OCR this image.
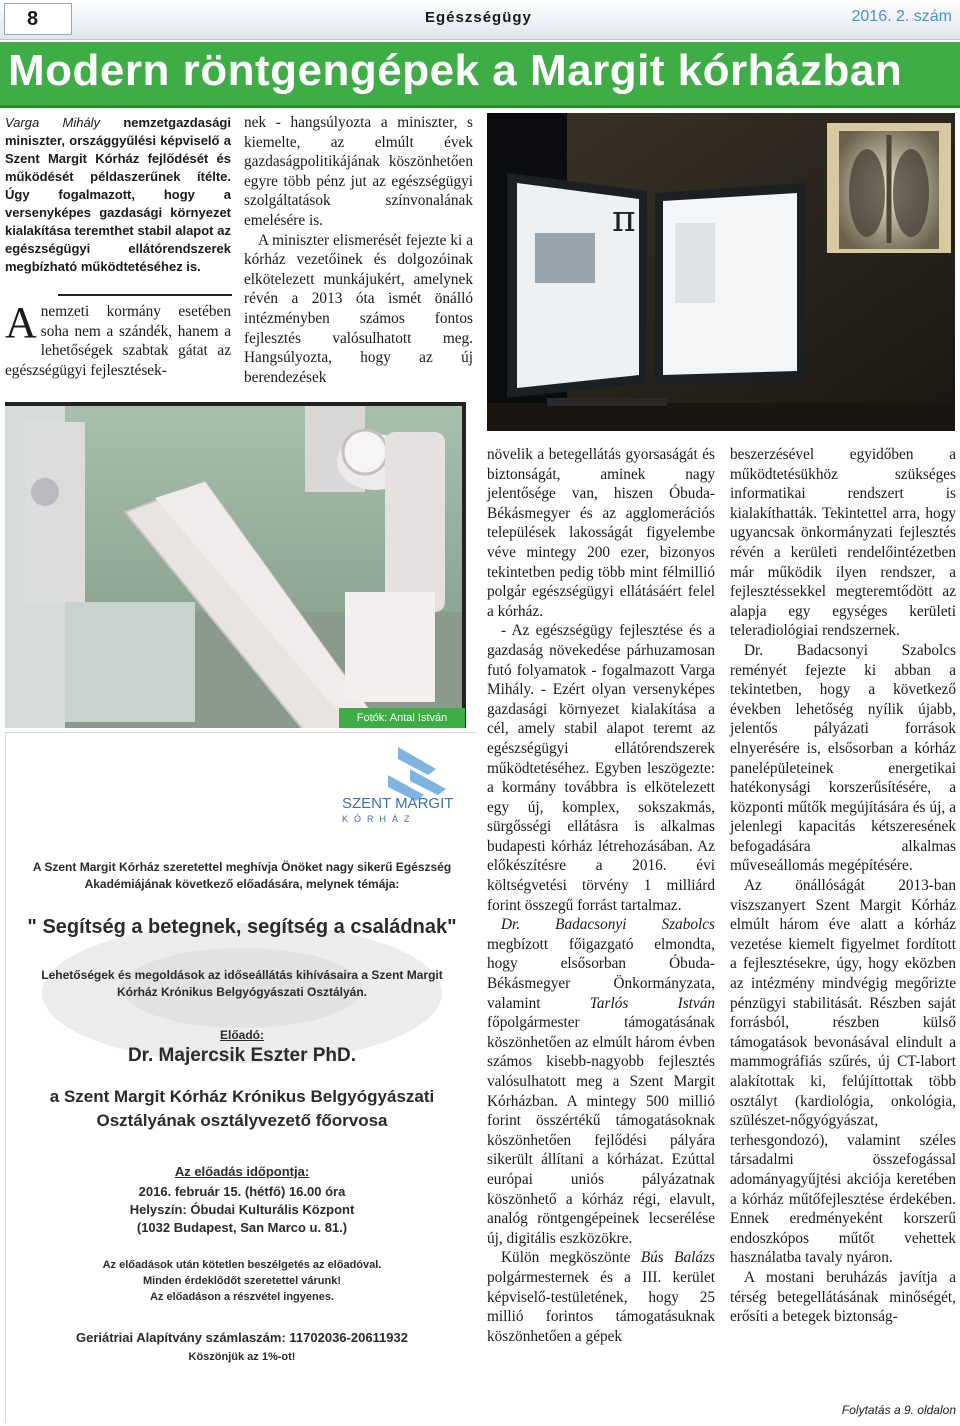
8	Egészségügy	2016. 2. szám
Modern röntgengépek a Margit kórházban
Varga Mihály nemzetgazdasági miniszter, országgyűlési képviselő a Szent Margit Kórház fejlődését és működését példaszerűnek ítélte. Úgy fogalmazott, hogy a versenyképes gazdasági környezet kialakítása teremthet stabil alapot az egészségügyi ellátórendszerek megbízható működtetéséhez is.

Anemzeti kormány esetében soha nem a szándék, hanem a lehetőségek szabtak gátat az egészségügyi fejlesztések-

nek - hangsúlyozta a miniszter, s kiemelte, az elmúlt évek gazdaságpolitikájának köszönhetően egyre több pénz jut az egészségügyi szolgáltatások színvonalának emelésére is.

A miniszter elismerését fejezte ki a kórház vezetőinek és dolgozóinak elkötelezett munkájukért, amelynek révén a 2013 óta ismét önálló intézményben számos fontos fejlesztés valósulhatott meg. Hangsúlyozta, hogy az új berendezések

π
Fotók: Antal István
SZENT MARGIT
KÓRHÁZ
A Szent Margit Kórház szeretettel meghívja Önöket nagy sikerű Egészség Akadémiájának következő előadására, melynek témája:
" Segítség a betegnek, segítség a családnak"
Lehetőségek és megoldások az időseállátás kihívásaira a Szent Margit Kórház Krónikus Belgyógyászati Osztályán.
Előadó:
Dr. Majercsik Eszter PhD.
a Szent Margit Kórház Krónikus Belgyógyászati Osztályának osztályvezető főorvosa
Az előadás időpontja:
2016. február 15. (hétfő) 16.00 óra
Helyszín: Óbudai Kulturális Központ
(1032 Budapest, San Marco u. 81.)
Az előadások után kötetlen beszélgetés az előadóval.
Minden érdeklődőt szeretettel várunk!
Az előadáson a részvétel ingyenes.
Geriátriai Alapítvány számlaszám: 11702036-20611932
Köszönjük az 1%-ot!

növelik a betegellátás gyorsaságát és biztonságát, aminek nagy jelentősége van, hiszen Óbuda-Békásmegyer és az agglomerációs települések lakosságát figyelembe véve mintegy 200 ezer, bizonyos tekintetben pedig több mint félmillió polgár egészségügyi ellátásáért felel a kórház.

- Az egészségügy fejlesztése és a gazdaság növekedése párhuzamosan futó folyamatok - fogalmazott Varga Mihály. - Ezért olyan versenyképes gazdasági környezet kialakítása a cél, amely stabil alapot teremt az egészségügyi ellátórendszerek működtetéséhez. Egyben leszögezte: a kormány továbbra is elkötelezett egy új, komplex, sokszakmás, sürgősségi ellátásra is alkalmas budapesti kórház létrehozásában. Az előkészítésre a 2016. évi költségvetési törvény 1 milliárd forint összegű forrást tartalmaz.

Dr. Badacsonyi Szabolcs megbízott főigazgató elmondta, hogy elsősorban Óbuda-Békásmegyer Önkormányzata, valamint Tarlós István főpolgármester támogatásának köszönhetően az elmúlt három évben számos kisebb-nagyobb fejlesztés valósulhatott meg a Szent Margit Kórházban. A mintegy 500 millió forint összértékű támogatásoknak köszönhetően fejlődési pályára sikerült állítani a kórházat. Ezúttal európai uniós pályázatnak köszönhető a kórház régi, elavult, analóg röntgengépeinek lecserélése új, digitális eszközökre.

Külön megköszönte Bús Balázs polgármesternek és a III. kerület képviselő-testületének, hogy 25 millió forintos támogatásuknak köszönhetően a gépek

beszerzésével egyidőben a működtetésükhöz szükséges informatikai rendszert is kialakíthatták. Tekintettel arra, hogy ugyancsak önkormányzati fejlesztés révén a kerületi rendelőintézetben már működik ilyen rendszer, a fejlesztéssekkel megteremtődött az alapja egy egységes kerületi teleradiológiai rendszernek.

Dr. Badacsonyi Szabolcs reményét fejezte ki abban a tekintetben, hogy a következő években lehetőség nyílik újabb, jelentős pályázati források elnyerésére is, elsősorban a kórház panelépületeinek energetikai hatékonysági korszerűsítésére, a központi műtők megújítására és új, a jelenlegi kapacitás kétszeresének befogadására alkalmas műveseállomás megépítésére.

Az önállóságát 2013-ban viszszanyert Szent Margit Kórház elmúlt három éve alatt a kórház vezetése kiemelt figyelmet fordított a fejlesztésekre, úgy, hogy eközben az intézmény mindvégig megőrizte pénzügyi stabilitását. Részben saját forrásból, részben külső támogatások bevonásával elindult a mammográfiás szűrés, új CT-labort alakítottak ki, felújíttottak több osztályt (kardiológia, onkológia, szülészet-nőgyógyászat, terhesgondozó), valamint széles társadalmi összefogással adományagyűjtési akciója keretében a kórház műtőfejlesztése érdekében. Ennek eredményeként korszerű endoszkópos műtőt vehettek használatba tavaly nyáron.

A mostani beruházás javítja a térség betegellátásának minőségét, erősíti a betegek biztonság-

Folytatás a 9. oldalon
